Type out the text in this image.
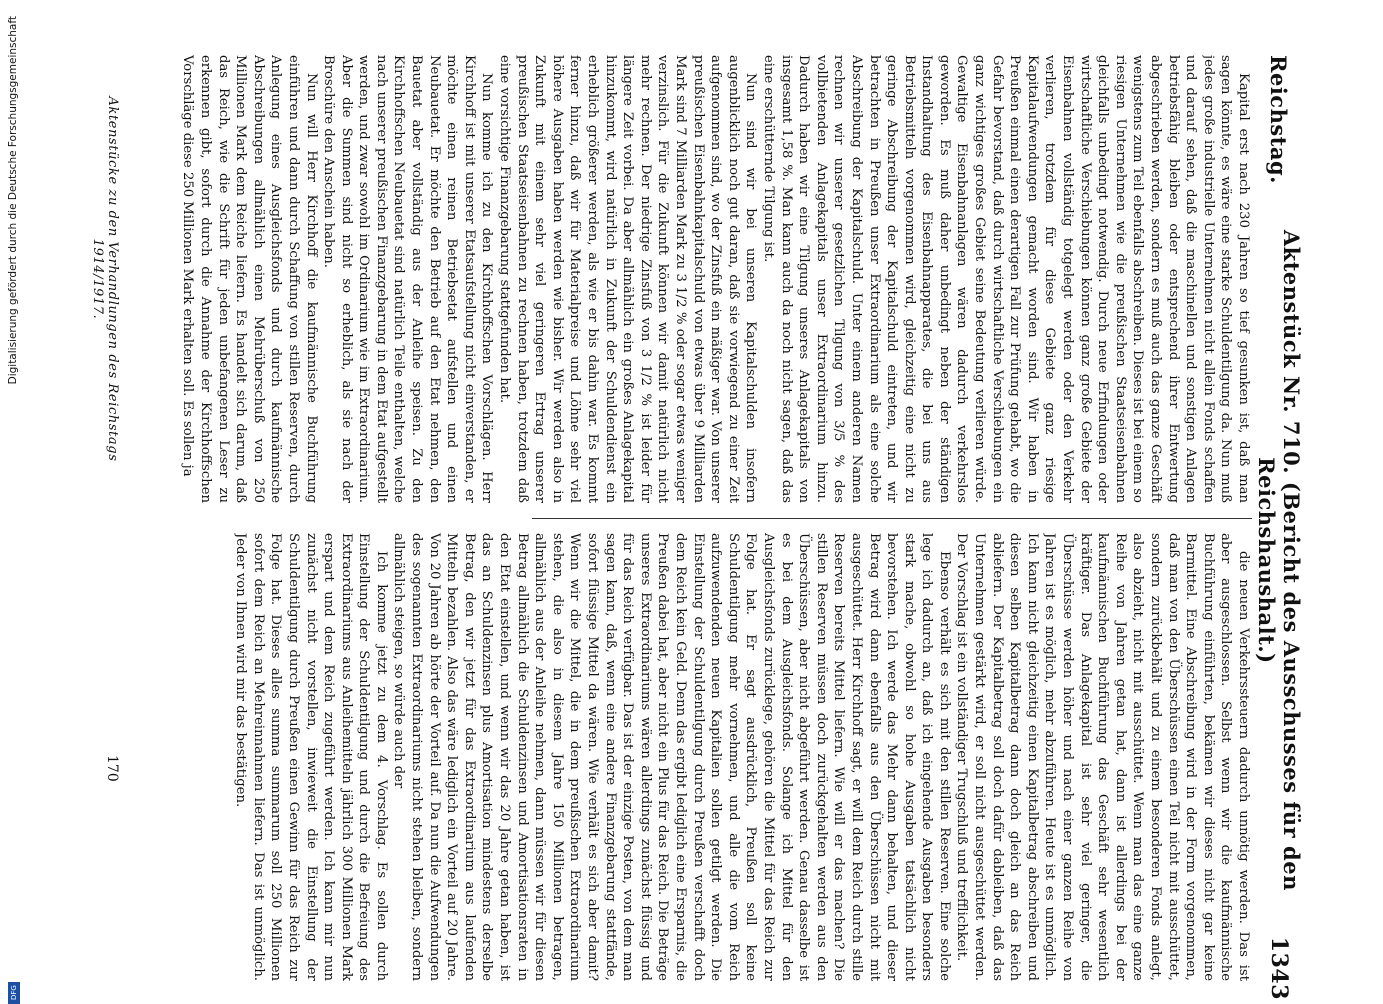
Digitalisierung gefördert durch die Deutsche Forschungsgemeinschaft
DFG
Reichstag.
Aktenstück Nr. 710. (Bericht des Ausschusses für den Reichshaushalt.)
1343

Kapital erst nach 230 Jahren so tief gesunken ist, daß man sagen könnte, es wäre eine starke Schuldentilgung da. Nun muß jedes große industrielle Unternehmen nicht allein Fonds schaffen und darauf sehen, daß die maschinellen und sonstigen Anlagen betriebsfähig bleiben oder entsprechend ihrer Entwertung abgeschrieben werden, sondern es muß auch das ganze Geschäft wenigstens zum Teil ebenfalls abschreiben. Dieses ist bei einem so riesigen Unternehmen wie die preußischen Staatseisenbahnen gleichfalls unbedingt notwendig. Durch neue Erfindungen oder wirtschaftliche Verschiebungen können ganz große Gebiete der Eisenbahnen vollständig totgelegt werden oder den Verkehr verlieren, trotzdem für diese Gebiete ganz riesige Kapitalaufwendungen gemacht worden sind. Wir haben in Preußen einmal einen derartigen Fall zur Prüfung gehabt, wo die Gefahr bevorstand, daß durch wirtschaftliche Verschiebungen ein ganz wichtiges großes Gebiet seine Bedeutung verlieren würde. Gewaltige Eisenbahnanlagen wären dadurch verkehrslos geworden. Es muß daher unbedingt neben der ständigen Instandhaltung des Eisenbahnapparates, die bei uns aus Betriebsmitteln vorgenommen wird, gleichzeitig eine nicht zu geringe Abschreibung der Kapitalschuld eintreten, und wir betrachten in Preußen unser Extraordinarium als eine solche Abschreibung der Kapitalschuld. Unter einem anderen Namen rechnen wir unserer gesetzlichen Tilgung von 3/5 % des vollbietenden Anlagekapitals unser Extraordinarium hinzu. Dadurch haben wir eine Tilgung unseres Anlagekapitals von insgesamt 1,58 %. Man kann auch da noch nicht sagen, daß das eine erschütternde Tilgung ist.

Nun sind wir bei unseren Kapitalschulden insofern augenblicklich noch gut daran, daß sie vorwiegend zu einer Zeit aufgenommen sind, wo der Zinsfuß ein mäßiger war. Von unserer preußischen Eisenbahnkapitalschuld von etwas über 9 Milliarden Mark sind 7 Milliarden Mark zu 3 1/2 % oder sogar etwas weniger verzinslich. Für die Zukunft können wir damit natürlich nicht mehr rechnen. Der niedrige Zinsfuß von 3 1/2 % ist leider für längere Zeit vorbei. Da aber allmählich ein großes Anlagekapital hinzukommt, wird natürlich in Zukunft der Schuldendienst ein erheblich größerer werden, als wie er bis dahin war. Es kommt ferner hinzu, daß wir für Materialpreise und Löhne sehr viel höhere Ausgaben haben werden wie bisher. Wir werden also in Zukunft mit einem sehr viel geringeren Ertrag unserer preußischen Staatseisenbahnen zu rechnen haben, trotzdem daß eine vorsichtige Finanzgebarung stattgefunden hat.

Nun komme ich zu den Kirchhoffschen Vorschlägen. Herr Kirchhoff ist mit unserer Etatsaufstellung nicht einverstanden, er möchte einen reinen Betriebsetat aufstellen und einen Neubauetat. Er möchte den Betrieb auf den Etat nehmen, den Bauetat aber vollständig aus der Anleihe speisen. Zu den Kirchhoffschen Neubauetat sind natürlich Teile enthalten, welche nach unserer preußischen Finanzgebarung in dem Etat aufgestellt werden, und zwar sowohl im Ordinarium wie im Extraordinarium. Aber die Summen sind nicht so erheblich, als sie nach der Broschüre den Anschein haben.

Nun will Herr Kirchhoff die kaufmännische Buchführung einführen und dann durch Schaffung von stillen Reserven, durch Anlegung eines Ausgleichsfonds und durch kaufmännische Abschreibungen allmählich einen Mehrüberschuß von 250 Millionen Mark dem Reiche liefern. Es handelt sich darum, daß das Reich, wie die Schrift für jeden unbefangenen Leser zu erkennen gibt, sofort durch die Annahme der Kirchhoffschen Vorschläge diese 250 Millionen Mark erhalten soll. Es sollen ja

die neuen Verkehrssteuern dadurch unnötig werden. Das ist aber ausgeschlossen. Selbst wenn wir die kaufmännische Buchführung einführten, bekämen wir dieses nicht gar keine Barmittel. Eine Abschreibung wird in der Form vorgenommen, daß man von den Überschüssen einen Teil nicht mit ausschüttet, sondern zurückbehält und zu einem besonderen Fonds anlegt, also abzieht, nicht mit ausschüttet. Wenn man das eine ganze Reihe von Jahren getan hat, dann ist allerdings bei der kaufmännischen Buchführung das Geschäft sehr wesentlich kräftiger. Das Anlagekapital ist sehr viel geringer, die Überschüsse werden höher und nach einer ganzen Reihe von Jahren ist es möglich, mehr abzuführen. Heute ist es unmöglich. Ich kann nicht gleichzeitig einen Kapitalbetrag abschreiben und diesen selben Kapitalbetrag dann doch gleich an das Reich abliefern. Der Kapitalbetrag soll doch dafür dableiben, daß das Unternehmen gestärkt wird, er soll nicht ausgeschüttet werden. Der Vorschlag ist ein vollständiger Trugschluß und trefflichkeit.

Ebenso verhält es sich mit den stillen Reserven. Eine solche lege ich dadurch an, daß ich eingehende Ausgaben besonders stark mache, obwohl so hohe Ausgaben tatsächlich nicht bevorstehen. Ich werde das Mehr dann behalten, und dieser Betrag wird dann ebenfalls aus den Überschüssen nicht mit ausgeschüttet. Herr Kirchhoff sagt, er will dem Reich durch stille Reserven bereits Mittel liefern. Wie will er das machen? Die stillen Reserven müssen doch zurückgehalten werden aus den Überschüssen, aber nicht abgeführt werden. Genau dasselbe ist es bei dem Ausgleichsfonds. Solange ich Mittel für den Ausgleichsfonds zurücklege, gehören die Mittel für das Reich zur Folge hat. Er sagt ausdrücklich, Preußen soll keine Schuldentilgung mehr vornehmen, und alle die vom Reich aufzuwendenden neuen Kapitalien sollen getilgt werden. Die Einstellung der Schuldentilgung durch Preußen verschafft doch dem Reich kein Geld. Denn das ergibt lediglich eine Ersparnis, die Preußen dabei hat, aber nicht ein Plus für das Reich. Die Beträge unseres Extraordinariums wären allerdings zunächst flüssig und für das Reich verfügbar. Das ist der einzige Posten, von dem man sagen kann, daß, wenn eine andere Finanzgebarung stattfände, sofort flüssige Mittel da wären. Wie verhält es sich aber damit? Wenn wir die Mittel, die in dem preußischen Extraordinarium stehen, die also in diesem Jahre 150 Millionen betragen, allmählich aus der Anleihe nehmen, dann müssen wir für diesen Betrag allmählich die Schuldenzinsen und Amortisationsraten in den Etat einstellen, und wenn wir das 20 Jahre getan haben, ist das an Schuldenzinsen plus Amortisation mindestens derselbe Betrag, den wir jetzt für das Extraordinarium aus laufenden Mitteln bezahlen. Also das wäre lediglich ein Vorteil auf 20 Jahre. Von 20 Jahren ab hörte der Vorteil auf. Da nun die Aufwendungen des sogenannten Extraordinariums nicht stehen bleiben, sondern allmählich steigen, so würde auch der

Ich komme jetzt zu dem 4. Vorschlag. Es sollen durch Einstellung der Schuldentilgung und durch die Befreiung des Extraordinariums aus Anleihemitteln jährlich 300 Millionen Mark erspart und dem Reich zugeführt werden. Ich kann mir nun zunächst nicht vorstellen, inwieweit die Einstellung der Schuldentilgung durch Preußen einen Gewinn für das Reich zur Folge hat. Dieses alles summa summarum soll 250 Millionen sofort dem Reich an Mehreinnahmen liefern. Das ist unmöglich. Jeder von Ihnen wird mir das bestätigen.

Aktenstücke zu den Verhandlungen des Reichstags 1914/1917.
170
